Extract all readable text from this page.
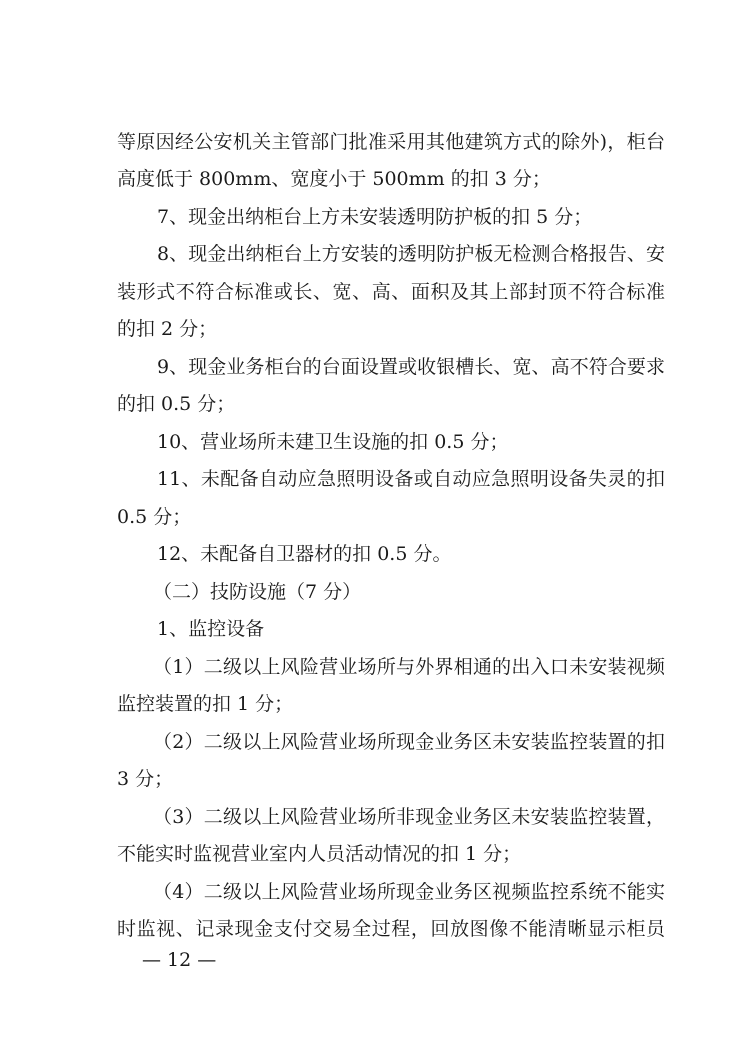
等原因经公安机关主管部门批准采用其他建筑方式的除外)，柜台
高度低于 800mm、宽度小于 500mm 的扣 3 分；
7、现金出纳柜台上方未安装透明防护板的扣 5 分；
8、现金出纳柜台上方安装的透明防护板无检测合格报告、安
装形式不符合标准或长、宽、高、面积及其上部封顶不符合标准
的扣 2 分；
9、现金业务柜台的台面设置或收银槽长、宽、高不符合要求
的扣 0.5 分；
10、营业场所未建卫生设施的扣 0.5 分；
11、未配备自动应急照明设备或自动应急照明设备失灵的扣
0.5 分；
12、未配备自卫器材的扣 0.5 分。
（二）技防设施（7 分）
1、监控设备
（1）二级以上风险营业场所与外界相通的出入口未安装视频
监控装置的扣 1 分；
（2）二级以上风险营业场所现金业务区未安装监控装置的扣
3 分；
（3）二级以上风险营业场所非现金业务区未安装监控装置，
不能实时监视营业室内人员活动情况的扣 1 分；
（4）二级以上风险营业场所现金业务区视频监控系统不能实
时监视、记录现金支付交易全过程，回放图像不能清晰显示柜员
— 12 —
